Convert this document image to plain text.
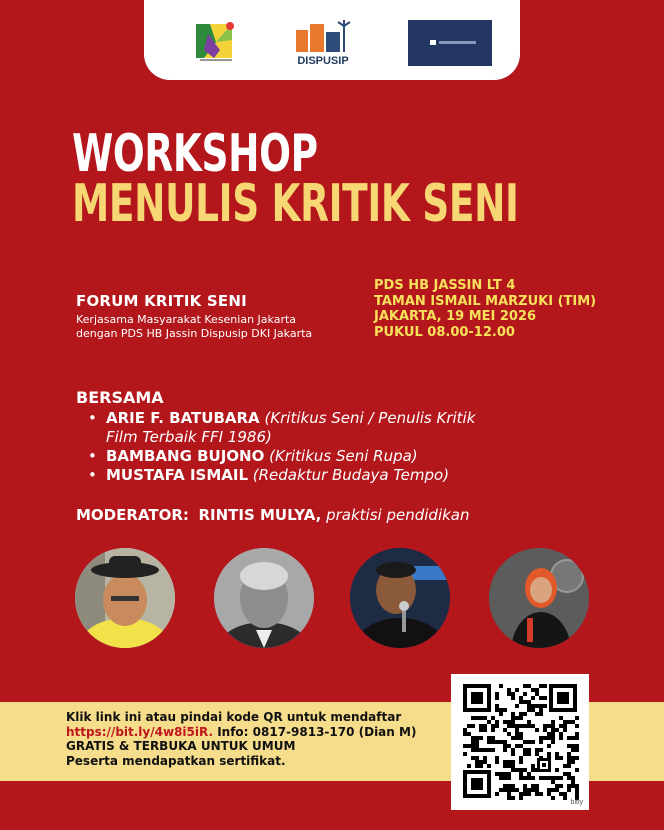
DISPUSIP
WORKSHOP
MENULIS KRITIK SENI
FORUM KRITIK SENI
Kerjasama Masyarakat Kesenian Jakarta
dengan PDS HB Jassin Dispusip DKI Jakarta
PDS HB JASSIN LT 4
TAMAN ISMAIL MARZUKI (TIM)
JAKARTA, 19 MEI 2026
PUKUL 08.00-12.00
BERSAMA
• ARIE F. BATUBARA (Kritikus Seni / Penulis Kritik
Film Terbaik FFI 1986)
• BAMBANG BUJONO (Kritikus Seni Rupa)
• MUSTAFA ISMAIL (Redaktur Budaya Tempo)
MODERATOR: RINTIS MULYA, praktisi pendidikan
Klik link ini atau pindai kode QR untuk mendaftar
https://bit.ly/4w8i5iR. Info: 0817-9813-170 (Dian M)
GRATIS & TERBUKA UNTUK UMUM
Peserta mendapatkan sertifikat.
bitly
